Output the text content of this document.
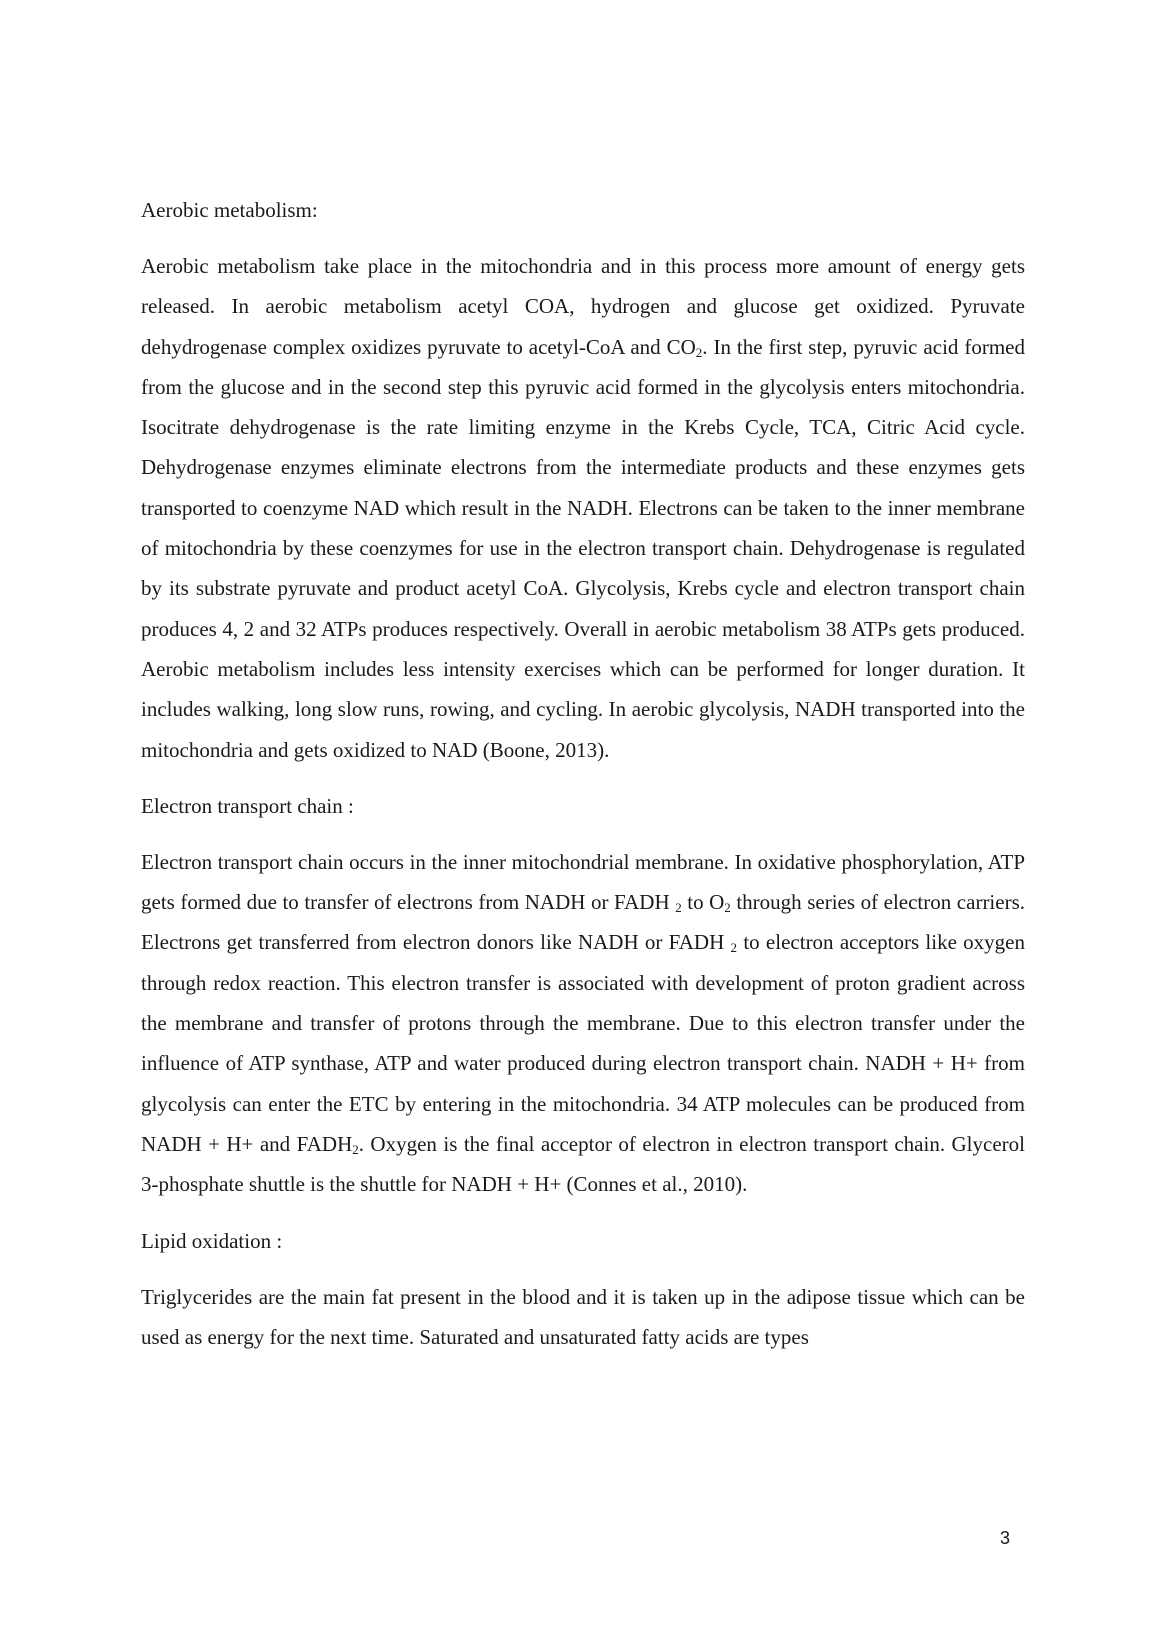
Aerobic metabolism:

Aerobic metabolism take place in the mitochondria and in this process more amount of energy gets released. In aerobic metabolism acetyl COA, hydrogen and glucose get oxidized. Pyruvate dehydrogenase complex oxidizes pyruvate to acetyl-CoA and $CO_2$. In the first step, pyruvic acid formed from the glucose and in the second step this pyruvic acid formed in the glycolysis enters mitochondria. Isocitrate dehydrogenase is the rate limiting enzyme in the Krebs Cycle, TCA, Citric Acid cycle. Dehydrogenase enzymes eliminate electrons from the intermediate products and these enzymes gets transported to coenzyme NAD which result in the NADH. Electrons can be taken to the inner membrane of mitochondria by these coenzymes for use in the electron transport chain. Dehydrogenase is regulated by its substrate pyruvate and product acetyl CoA. Glycolysis, Krebs cycle and electron transport chain produces 4, 2 and 32 ATPs produces respectively. Overall in aerobic metabolism 38 ATPs gets produced. Aerobic metabolism includes less intensity exercises which can be performed for longer duration. It includes walking, long slow runs, rowing, and cycling. In aerobic glycolysis, NADH transported into the mitochondria and gets oxidized to NAD (Boone, 2013).

Electron transport chain :

Electron transport chain occurs in the inner mitochondrial membrane. In oxidative phosphorylation, ATP gets formed due to transfer of electrons from NADH or FADH $_2$ to $O_2$ through series of electron carriers. Electrons get transferred from electron donors like NADH or FADH $_2$ to electron acceptors like oxygen through redox reaction. This electron transfer is associated with development of proton gradient across the membrane and transfer of protons through the membrane. Due to this electron transfer under the influence of ATP synthase, ATP and water produced during electron transport chain. NADH + H+ from glycolysis can enter the ETC by entering in the mitochondria. 34 ATP molecules can be produced from NADH + H+ and $FADH_2$. Oxygen is the final acceptor of electron in electron transport chain. Glycerol 3-phosphate shuttle is the shuttle for NADH + H+ (Connes et al., 2010).

Lipid oxidation :

Triglycerides are the main fat present in the blood and it is taken up in the adipose tissue which can be used as energy for the next time. Saturated and unsaturated fatty acids are types

3
